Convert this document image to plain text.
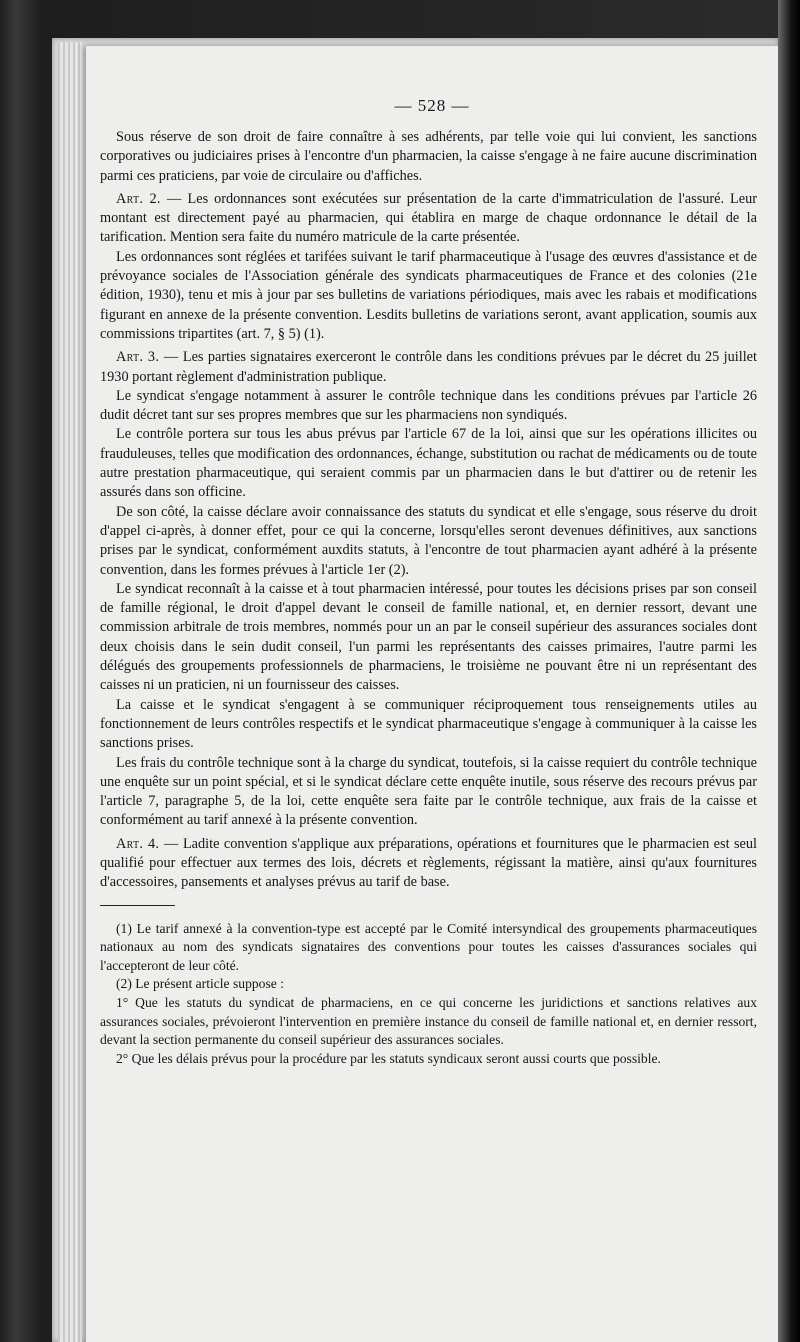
— 528 —

Sous réserve de son droit de faire connaître à ses adhérents, par telle voie qui lui convient, les sanctions corporatives ou judiciaires prises à l'encontre d'un pharmacien, la caisse s'engage à ne faire aucune discrimination parmi ces praticiens, par voie de circulaire ou d'affiches.

Art. 2. — Les ordonnances sont exécutées sur présentation de la carte d'immatriculation de l'assuré. Leur montant est directement payé au pharmacien, qui établira en marge de chaque ordonnance le détail de la tarification. Mention sera faite du numéro matricule de la carte présentée.

Les ordonnances sont réglées et tarifées suivant le tarif pharmaceutique à l'usage des œuvres d'assistance et de prévoyance sociales de l'Association générale des syndicats pharmaceutiques de France et des colonies (21e édition, 1930), tenu et mis à jour par ses bulletins de variations périodiques, mais avec les rabais et modifications figurant en annexe de la présente convention. Lesdits bulletins de variations seront, avant application, soumis aux commissions tripartites (art. 7, § 5) (1).

Art. 3. — Les parties signataires exerceront le contrôle dans les conditions prévues par le décret du 25 juillet 1930 portant règlement d'administration publique.

Le syndicat s'engage notamment à assurer le contrôle technique dans les conditions prévues par l'article 26 dudit décret tant sur ses propres membres que sur les pharmaciens non syndiqués.

Le contrôle portera sur tous les abus prévus par l'article 67 de la loi, ainsi que sur les opérations illicites ou frauduleuses, telles que modification des ordonnances, échange, substitution ou rachat de médicaments ou de toute autre prestation pharmaceutique, qui seraient commis par un pharmacien dans le but d'attirer ou de retenir les assurés dans son officine.

De son côté, la caisse déclare avoir connaissance des statuts du syndicat et elle s'engage, sous réserve du droit d'appel ci-après, à donner effet, pour ce qui la concerne, lorsqu'elles seront devenues définitives, aux sanctions prises par le syndicat, conformément auxdits statuts, à l'encontre de tout pharmacien ayant adhéré à la présente convention, dans les formes prévues à l'article 1er (2).

Le syndicat reconnaît à la caisse et à tout pharmacien intéressé, pour toutes les décisions prises par son conseil de famille régional, le droit d'appel devant le conseil de famille national, et, en dernier ressort, devant une commission arbitrale de trois membres, nommés pour un an par le conseil supérieur des assurances sociales dont deux choisis dans le sein dudit conseil, l'un parmi les représentants des caisses primaires, l'autre parmi les délégués des groupements professionnels de pharmaciens, le troisième ne pouvant être ni un représentant des caisses ni un praticien, ni un fournisseur des caisses.

La caisse et le syndicat s'engagent à se communiquer réciproquement tous renseignements utiles au fonctionnement de leurs contrôles respectifs et le syndicat pharmaceutique s'engage à communiquer à la caisse les sanctions prises.

Les frais du contrôle technique sont à la charge du syndicat, toutefois, si la caisse requiert du contrôle technique une enquête sur un point spécial, et si le syndicat déclare cette enquête inutile, sous réserve des recours prévus par l'article 7, paragraphe 5, de la loi, cette enquête sera faite par le contrôle technique, aux frais de la caisse et conformément au tarif annexé à la présente convention.

Art. 4. — Ladite convention s'applique aux préparations, opérations et fournitures que le pharmacien est seul qualifié pour effectuer aux termes des lois, décrets et règlements, régissant la matière, ainsi qu'aux fournitures d'accessoires, pansements et analyses prévus au tarif de base.

(1) Le tarif annexé à la convention-type est accepté par le Comité intersyndical des groupements pharmaceutiques nationaux au nom des syndicats signataires des conventions pour toutes les caisses d'assurances sociales qui l'accepteront de leur côté.

(2) Le présent article suppose :

1° Que les statuts du syndicat de pharmaciens, en ce qui concerne les juridictions et sanctions relatives aux assurances sociales, prévoieront l'intervention en première instance du conseil de famille national et, en dernier ressort, devant la section permanente du conseil supérieur des assurances sociales.

2° Que les délais prévus pour la procédure par les statuts syndicaux seront aussi courts que possible.
